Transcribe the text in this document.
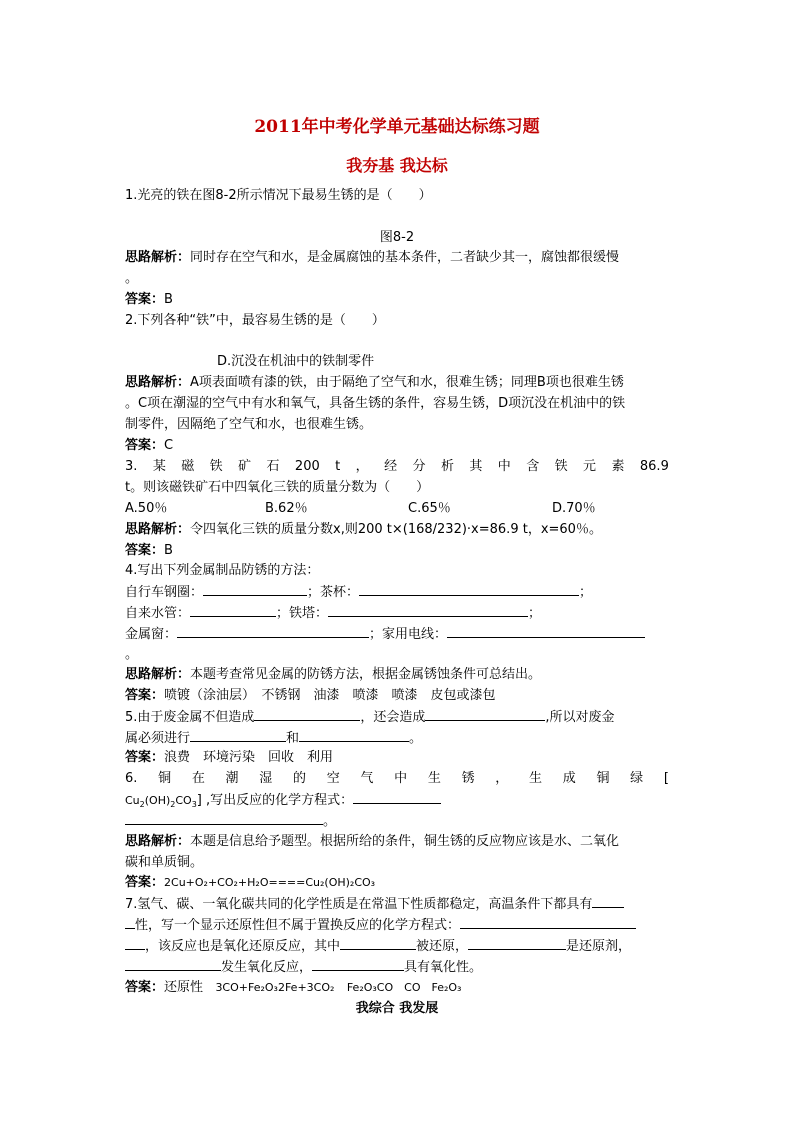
2011年中考化学单元基础达标练习题
我夯基 我达标
1.光亮的铁在图8-2所示情况下最易生锈的是（　　）
图8-2
思路解析：同时存在空气和水，是金属腐蚀的基本条件，二者缺少其一，腐蚀都很缓慢
。
答案：B
2.下列各种“铁”中，最容易生锈的是（　　）
D.沉没在机油中的铁制零件
思路解析：A项表面喷有漆的铁，由于隔绝了空气和水，很难生锈；同理B项也很难生锈
。C项在潮湿的空气中有水和氧气，具备生锈的条件，容易生锈，D项沉没在机油中的铁
制零件，因隔绝了空气和水，也很难生锈。
答案：C
3. 某 磁 铁 矿 石 200 t ， 经 分 析 其 中 含 铁 元 素 86.9
t。则该磁铁矿石中四氧化三铁的质量分数为（　　）
A.50％	B.62％	C.65％	D.70％
思路解析：令四氧化三铁的质量分数x,则200 t×(168/232)·x=86.9 t，x=60％。
答案：B
4.写出下列金属制品防锈的方法：
自行车钢圈：	；茶杯：	；
自来水管：	；铁塔：	；
金属窗：	；家用电线：
。
思路解析：本题考查常见金属的防锈方法，根据金属锈蚀条件可总结出。
答案：喷镀（涂油层）　不锈钢　油漆　喷漆　喷漆　皮包或漆包
5.由于废金属不但造成	，还会造成	,所以对废金
属必须进行	和	。
答案：浪费　环境污染　回收　利用
6. 铜 在 潮 湿 的 空 气 中 生 锈 ， 生 成 铜 绿 [
$Cu_2(OH)_2CO_3$] ,写出反应的化学方程式：
。
思路解析：本题是信息给予题型。根据所给的条件，铜生锈的反应物应该是水、二氧化
碳和单质铜。
答案：2Cu+O₂+CO₂+H₂O====Cu₂(OH)₂CO₃
7.氢气、碳、一氧化碳共同的化学性质是在常温下性质都稳定，高温条件下都具有
性，写一个显示还原性但不属于置换反应的化学方程式：
，该反应也是氧化还原反应，其中	被还原，	是还原剂，
发生氧化反应，	具有氧化性。
答案：还原性 3CO+Fe₂O₃2Fe+3CO₂ Fe₂O₃CO　CO　Fe₂O₃
我综合 我发展
